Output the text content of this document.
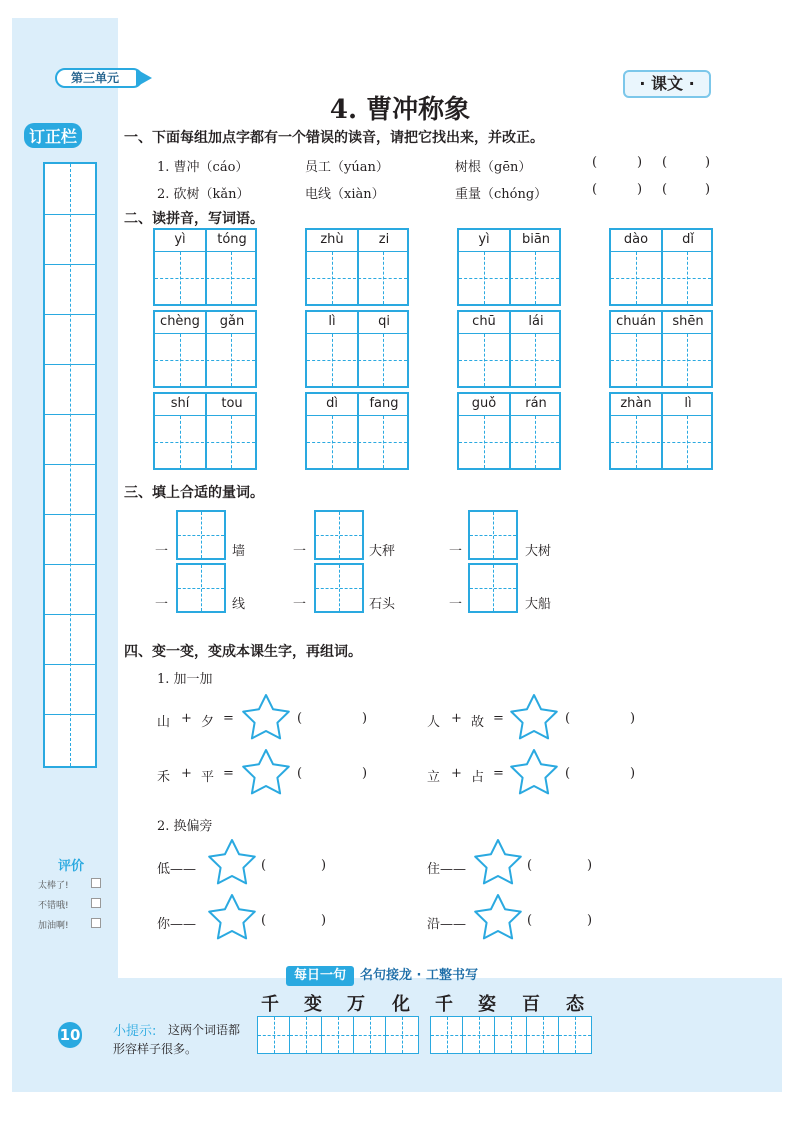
第三单元	· 课文 ·
4. 曹冲称象
订正栏
评价
太棒了!
不错哦!
加油啊!
一、下面每组加点字都有一个错误的读音，请把它找出来，并改正。
1. 曹冲（cáo）	员工（yúan）	树根（gēn）
2. 砍树（kǎn）	电线（xiàn）	重量（chóng）
(	) (	)
(	) (	)
二、读拼音，写词语。
yì	tóng	zhù	zi	yì	biān	dào	dǐ
chèng	gǎn	lì	qi	chū	lái	chuán	shēn
shí	tou	dì	fang	guǒ	rán	zhàn	lì
三、填上合适的量词。
一	墙	一	大秤	一	大树
一	线	一	石头	一	大船
四、变一变，变成本课生字，再组词。
1. 加一加
2. 换偏旁
山 + 夕 =	(	)	人 + 故 =	(	)
禾 + 平 =	(	)	立 + 占 =	(	)
低——	(	)	住——	(	)
你——	(	)	沿——	(	)
每日一句	名句接龙 · 工整书写
千	变	万	化	千	姿	百	态
10	小提示: 这两个词语都
形容样子很多。
